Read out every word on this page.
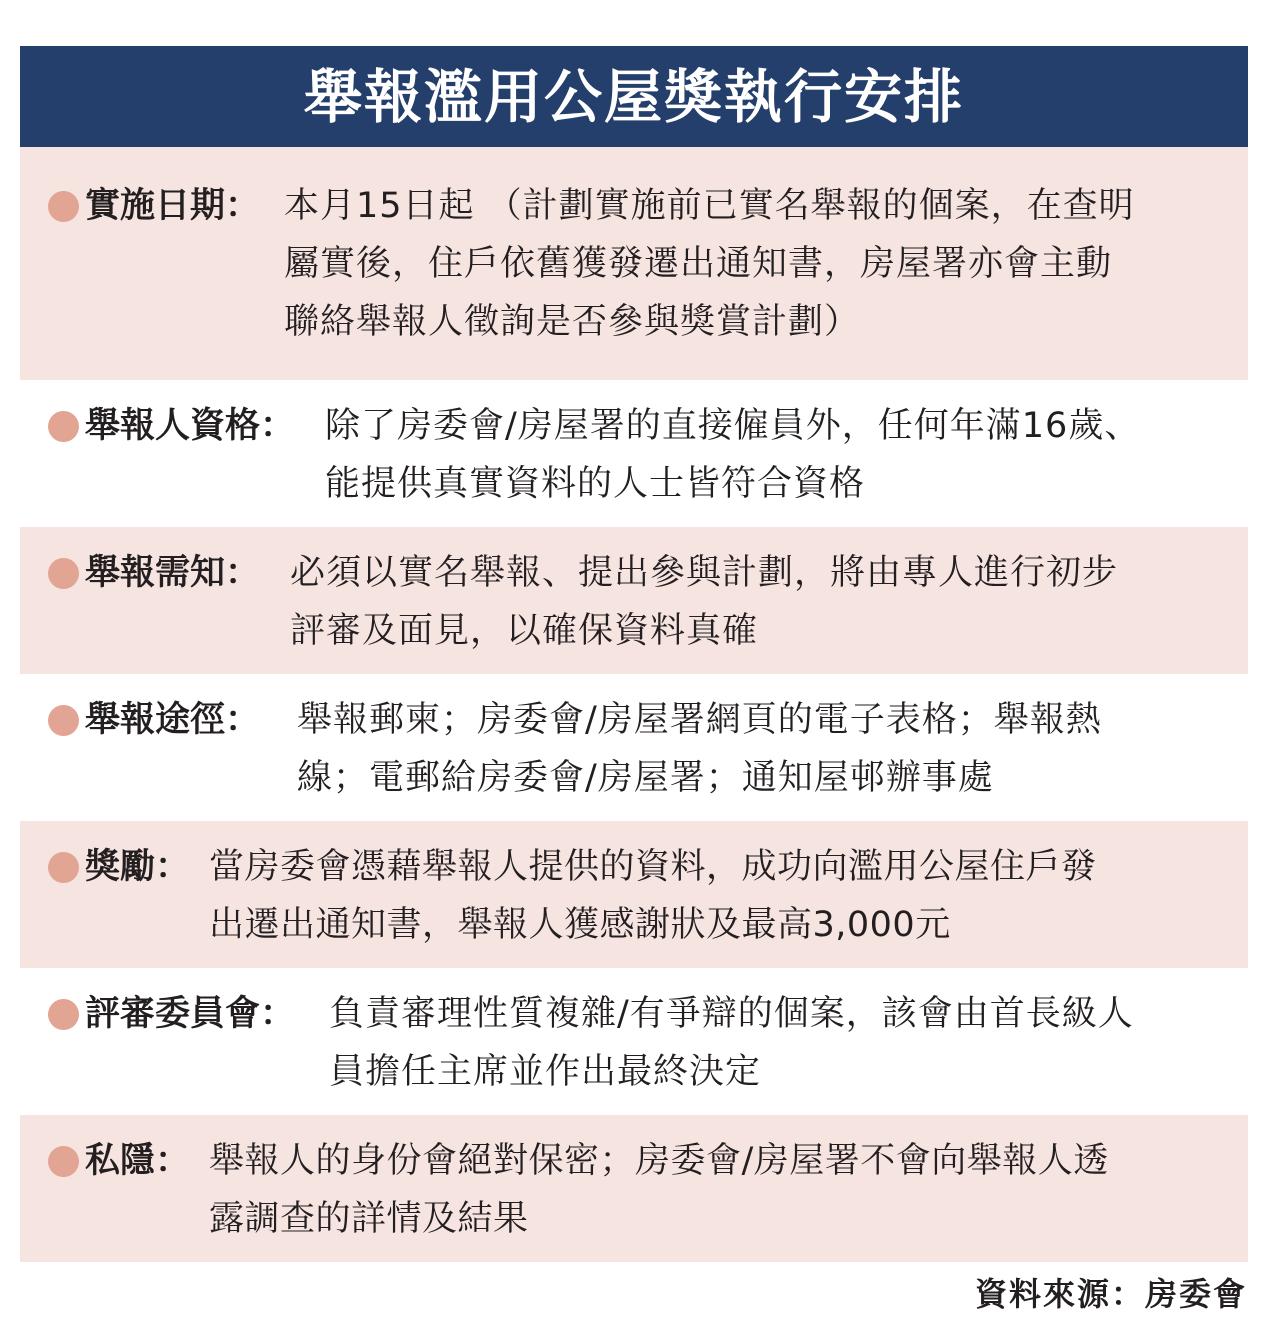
舉報濫用公屋獎執行安排
實施日期： 本月15日起 （計劃實施前已實名舉報的個案，在查明
屬實後，住戶依舊獲發遷出通知書，房屋署亦會主動
聯絡舉報人徵詢是否參與獎賞計劃）
舉報人資格： 除了房委會/房屋署的直接僱員外，任何年滿16歲、
能提供真實資料的人士皆符合資格
舉報需知： 必須以實名舉報、提出參與計劃，將由專人進行初步
評審及面見，以確保資料真確
舉報途徑： 舉報郵柬；房委會/房屋署網頁的電子表格；舉報熱
線；電郵給房委會/房屋署；通知屋邨辦事處
獎勵： 當房委會憑藉舉報人提供的資料，成功向濫用公屋住戶發
出遷出通知書，舉報人獲感謝狀及最高3,000元
評審委員會： 負責審理性質複雜/有爭辯的個案，該會由首長級人
員擔任主席並作出最終決定
私隱： 舉報人的身份會絕對保密；房委會/房屋署不會向舉報人透
露調查的詳情及結果
資料來源：房委會
